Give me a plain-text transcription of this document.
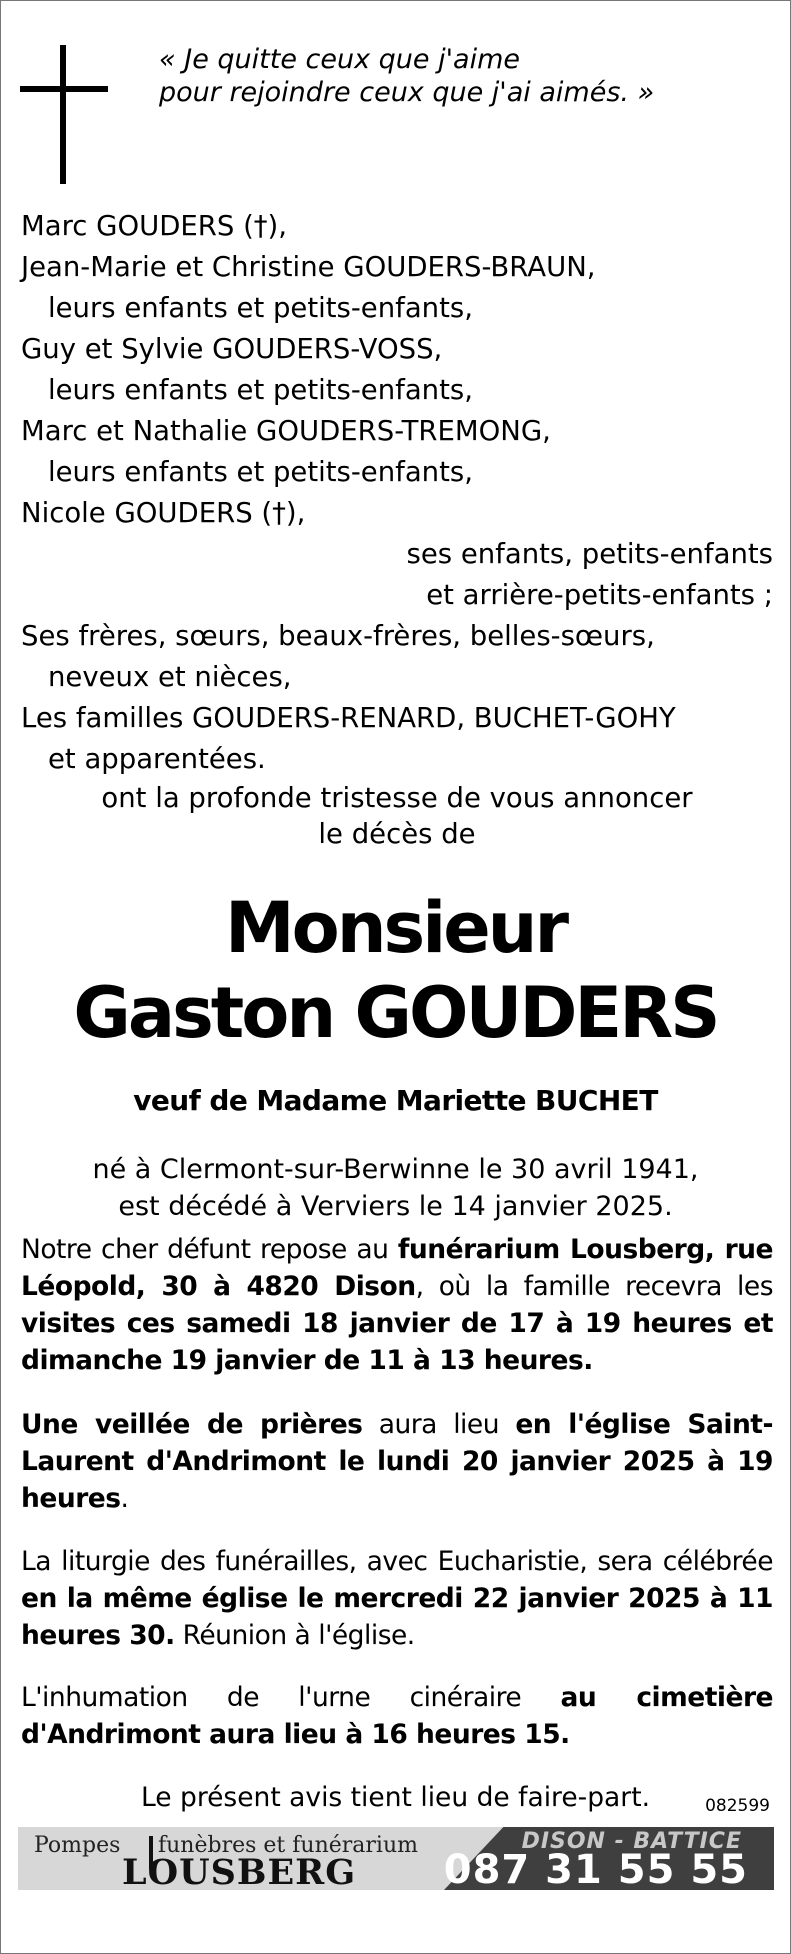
« Je quitte ceux que j'aime
pour rejoindre ceux que j'ai aimés. »
Marc GOUDERS (†),
Jean-Marie et Christine GOUDERS-BRAUN,
leurs enfants et petits-enfants,
Guy et Sylvie GOUDERS-VOSS,
leurs enfants et petits-enfants,
Marc et Nathalie GOUDERS-TREMONG,
leurs enfants et petits-enfants,
Nicole GOUDERS (†),
ses enfants, petits-enfants
et arrière-petits-enfants ;
Ses frères, sœurs, beaux-frères, belles-sœurs,
neveux et nièces,
Les familles GOUDERS-RENARD, BUCHET-GOHY
et apparentées.
ont la profonde tristesse de vous annoncer
le décès de
Monsieur
Gaston GOUDERS
veuf de Madame Mariette BUCHET
né à Clermont-sur-Berwinne le 30 avril 1941,
est décédé à Verviers le 14 janvier 2025.
Notre cher défunt repose au funérarium Lousberg, rue Léopold, 30 à 4820 Dison, où la famille recevra les visites ces samedi 18 janvier de 17 à 19 heures et dimanche 19 janvier de 11 à 13 heures.
Une veillée de prières aura lieu en l'église Saint-Laurent d'Andrimont le lundi 20 janvier 2025 à 19 heures.
La liturgie des funérailles, avec Eucharistie, sera célébrée en la même église le mercredi 22 janvier 2025 à 11 heures 30. Réunion à l'église.
L'inhumation de l'urne cinéraire au cimetière d'Andrimont aura lieu à 16 heures 15.
Le présent avis tient lieu de faire-part.	082599
Pompes funèbres et funérarium
LOUSBERG
DISON - BATTICE
087 31 55 55
